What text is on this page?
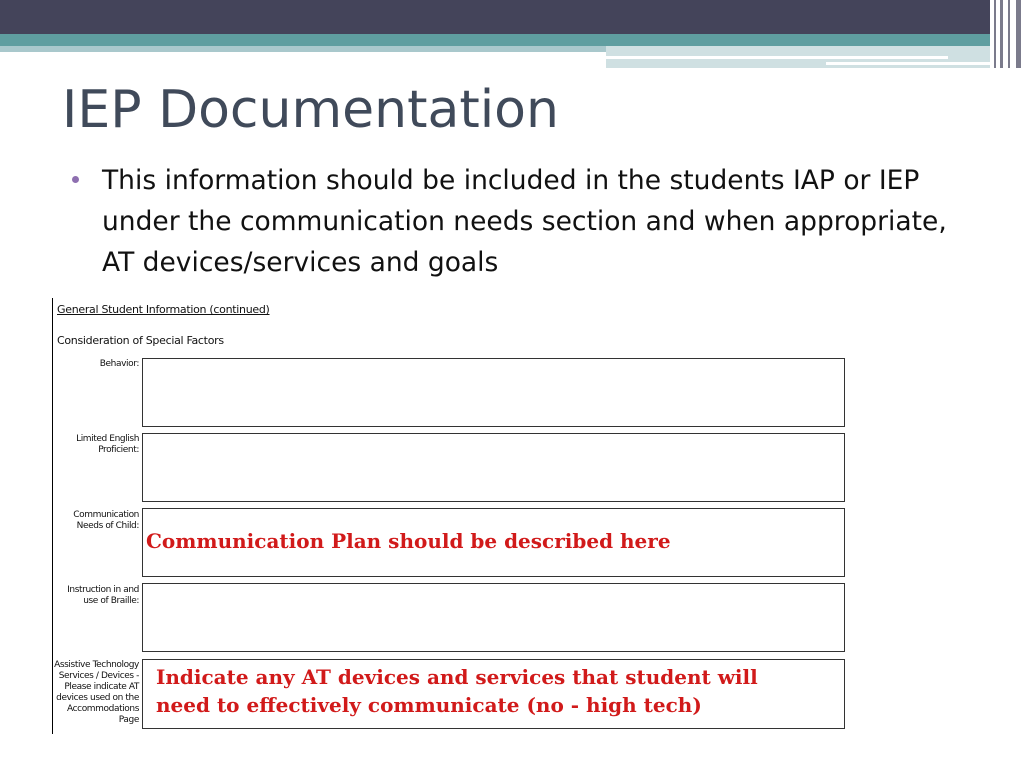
IEP Documentation
This information should be included in the students IAP or IEP under the communication needs section and when appropriate, AT devices/services and goals
General Student Information (continued)
Consideration of Special Factors
Behavior:
Limited English Proficient:
Communication Needs of Child:
Communication Plan should be described here
Instruction in and use of Braille:
Assistive Technology Services / Devices - Please indicate AT devices used on the Accommodations Page
Indicate any AT devices and services that student will need to effectively communicate (no - high tech)
